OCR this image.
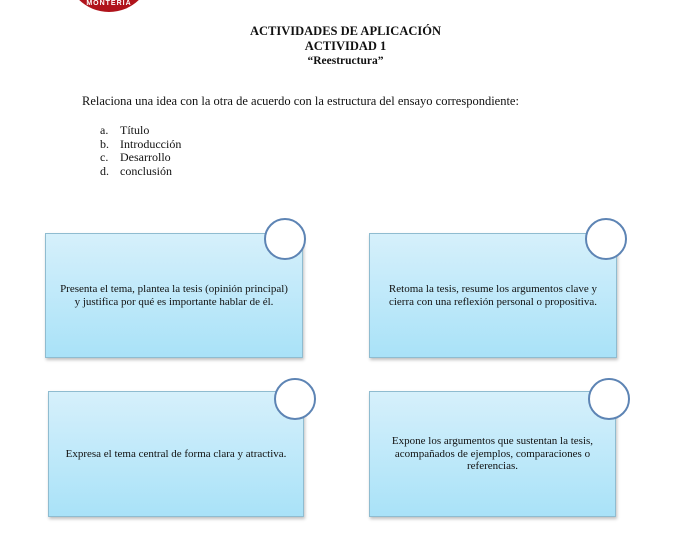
MONTERÍA
ACTIVIDADES DE APLICACIÓN
ACTIVIDAD 1
“Reestructura”
Relaciona una idea con la otra de acuerdo con la estructura del ensayo correspondiente:
a. Título
b. Introducción
c. Desarrollo
d. conclusión
Presenta el tema, plantea la tesis (opinión principal) y justifica por qué es importante hablar de él.
Retoma la tesis, resume los argumentos clave y cierra con una reflexión personal o propositiva.
Expresa el tema central de forma clara y atractiva.
Expone los argumentos que sustentan la tesis, acompañados de ejemplos, comparaciones o referencias.
